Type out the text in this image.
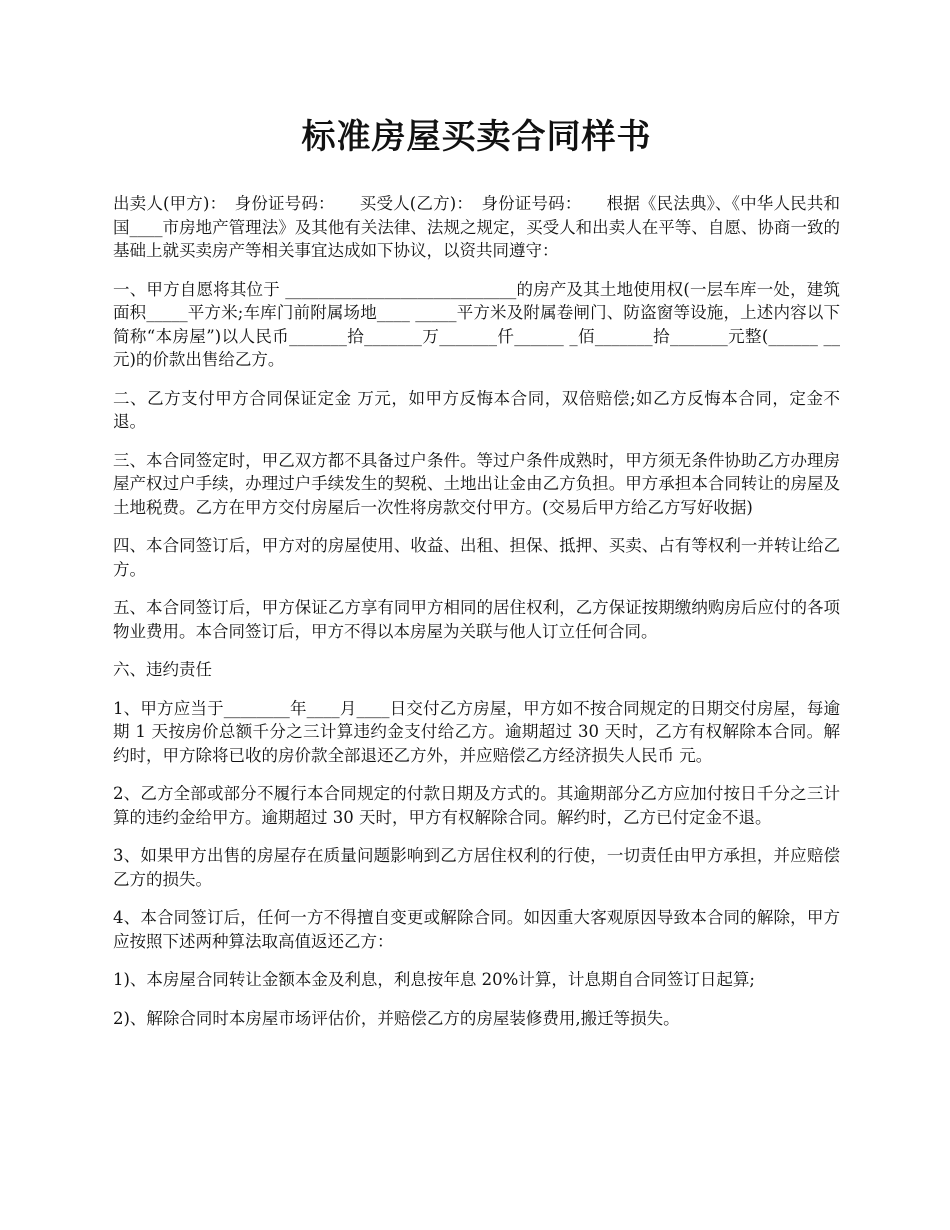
标准房屋买卖合同样书

出卖人(甲方)：　身份证号码：　　买受人(乙方)：　身份证号码：　　根据《民法典》、《中华人民共和国____市房地产管理法》及其他有关法律、法规之规定，买受人和出卖人在平等、自愿、协商一致的基础上就买卖房产等相关事宜达成如下协议，以资共同遵守：

一、甲方自愿将其位于 ____________________________的房产及其土地使用权(一层车库一处，建筑面积_____平方米;车库门前附属场地____ _____平方米及附属卷闸门、防盗窗等设施，上述内容以下简称“本房屋”)以人民币_______拾_______万_______仟______ _佰_______拾_______元整(______ __ 元)的价款出售给乙方。

二、乙方支付甲方合同保证定金 万元，如甲方反悔本合同，双倍赔偿;如乙方反悔本合同，定金不退。

三、本合同签定时，甲乙双方都不具备过户条件。等过户条件成熟时，甲方须无条件协助乙方办理房屋产权过户手续，办理过户手续发生的契税、土地出让金由乙方负担。甲方承担本合同转让的房屋及土地税费。乙方在甲方交付房屋后一次性将房款交付甲方。(交易后甲方给乙方写好收据)

四、本合同签订后，甲方对的房屋使用、收益、出租、担保、抵押、买卖、占有等权利一并转让给乙方。

五、本合同签订后，甲方保证乙方享有同甲方相同的居住权利，乙方保证按期缴纳购房后应付的各项物业费用。本合同签订后，甲方不得以本房屋为关联与他人订立任何合同。

六、违约责任

1、甲方应当于________年____月____日交付乙方房屋，甲方如不按合同规定的日期交付房屋，每逾期 1 天按房价总额千分之三计算违约金支付给乙方。逾期超过 30 天时，乙方有权解除本合同。解约时，甲方除将已收的房价款全部退还乙方外，并应赔偿乙方经济损失人民币 元。

2、乙方全部或部分不履行本合同规定的付款日期及方式的。其逾期部分乙方应加付按日千分之三计算的违约金给甲方。逾期超过 30 天时，甲方有权解除合同。解约时，乙方已付定金不退。

3、如果甲方出售的房屋存在质量问题影响到乙方居住权利的行使，一切责任由甲方承担，并应赔偿乙方的损失。

4、本合同签订后，任何一方不得擅自变更或解除合同。如因重大客观原因导致本合同的解除，甲方应按照下述两种算法取高值返还乙方：

1)、本房屋合同转让金额本金及利息，利息按年息 20%计算，计息期自合同签订日起算;

2)、解除合同时本房屋市场评估价，并赔偿乙方的房屋装修费用,搬迁等损失。
